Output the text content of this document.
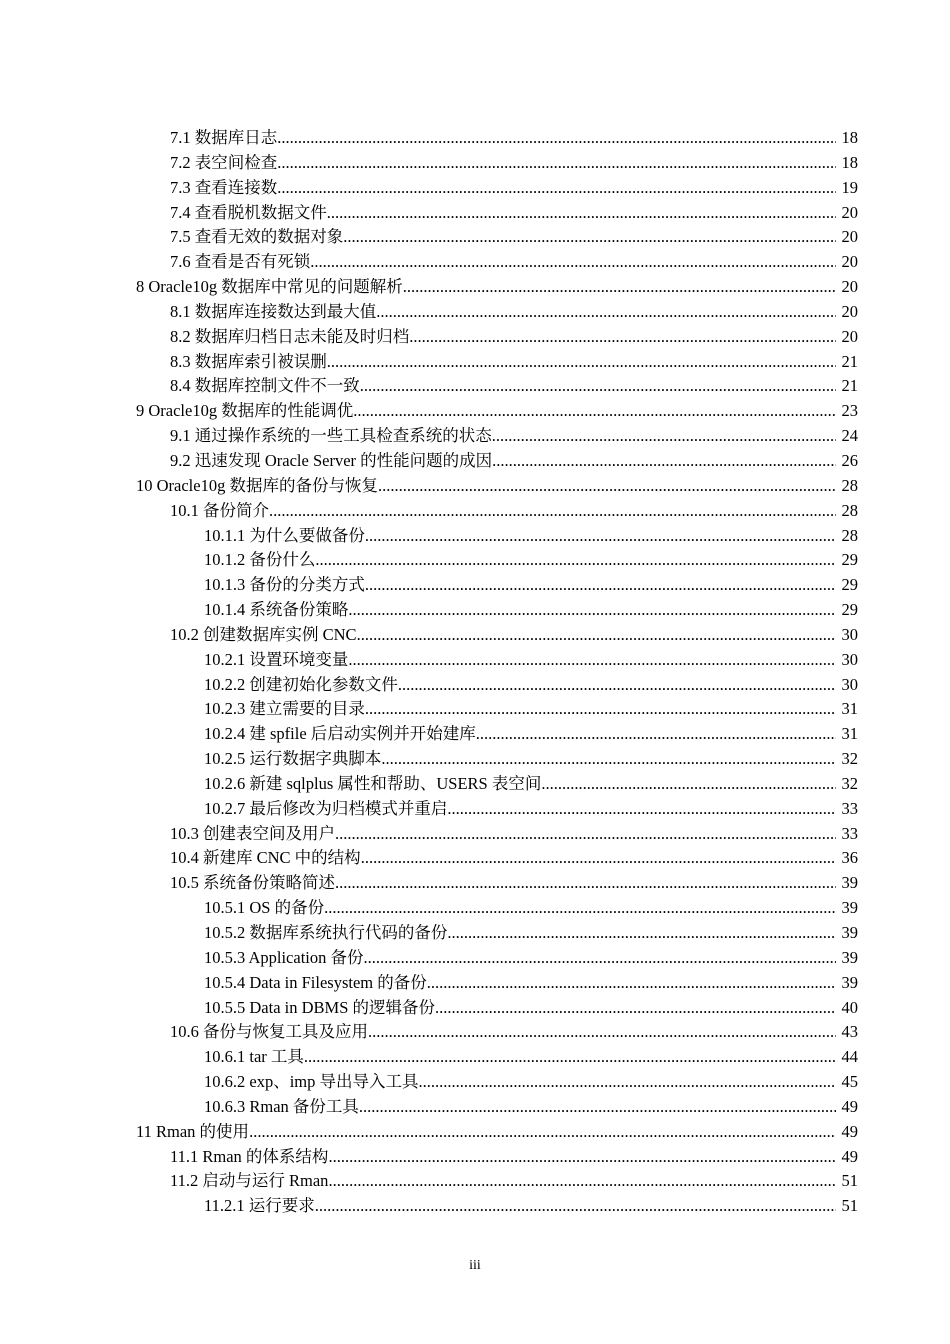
7.1 数据库日志 .....	18
7.2 表空间检查 .....	18
7.3 查看连接数 .....	19
7.4 查看脱机数据文件 .....	20
7.5 查看无效的数据对象 .....	20
7.6 查看是否有死锁 .....	20
8 Oracle10g 数据库中常见的问题解析 .....	20
8.1 数据库连接数达到最大值 .....	20
8.2 数据库归档日志未能及时归档 .....	20
8.3 数据库索引被误删 .....	21
8.4 数据库控制文件不一致 .....	21
9 Oracle10g 数据库的性能调优 .....	23
9.1 通过操作系统的一些工具检查系统的状态 .....	24
9.2 迅速发现 Oracle Server 的性能问题的成因 .....	26
10 Oracle10g 数据库的备份与恢复 .....	28
10.1 备份简介 .....	28
10.1.1 为什么要做备份 .....	28
10.1.2 备份什么 .....	29
10.1.3 备份的分类方式 .....	29
10.1.4 系统备份策略 .....	29
10.2 创建数据库实例 CNC .....	30
10.2.1 设置环境变量 .....	30
10.2.2 创建初始化参数文件 .....	30
10.2.3 建立需要的目录 .....	31
10.2.4 建 spfile 后启动实例并开始建库 .....	31
10.2.5 运行数据字典脚本 .....	32
10.2.6 新建 sqlplus 属性和帮助、USERS 表空间 .....	32
10.2.7 最后修改为归档模式并重启 .....	33
10.3 创建表空间及用户 .....	33
10.4 新建库 CNC 中的结构 .....	36
10.5 系统备份策略简述 .....	39
10.5.1 OS 的备份 .....	39
10.5.2 数据库系统执行代码的备份 .....	39
10.5.3 Application 备份 .....	39
10.5.4 Data in Filesystem 的备份 .....	39
10.5.5 Data in DBMS 的逻辑备份 .....	40
10.6 备份与恢复工具及应用 .....	43
10.6.1 tar 工具 .....	44
10.6.2 exp、imp 导出导入工具 .....	45
10.6.3 Rman 备份工具 .....	49
11 Rman 的使用 .....	49
11.1 Rman 的体系结构 .....	49
11.2 启动与运行 Rman .....	51
11.2.1 运行要求 .....	51
iii
